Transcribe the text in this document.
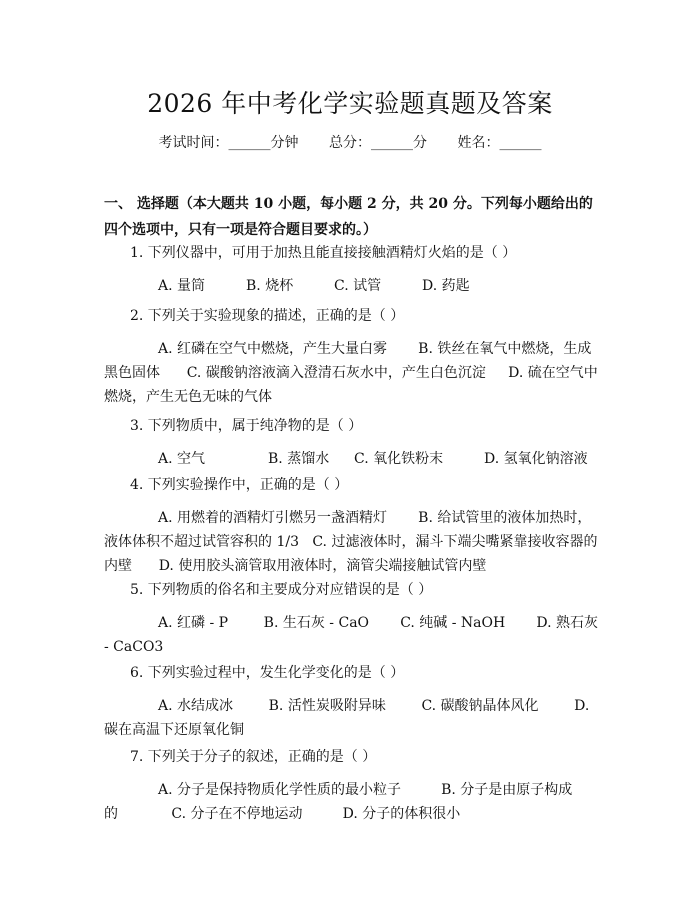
2026 年中考化学实验题真题及答案
考试时间：______分钟 总分：______分 姓名：______
一、 选择题（本大题共 10 小题，每小题 2 分，共 20 分。下列每小题给出的四个选项中，只有一项是符合题目要求的。）
1. 下列仪器中，可用于加热且能直接接触酒精灯火焰的是（ ）
A. 量筒	B. 烧杯	C. 试管	D. 药匙
2. 下列关于实验现象的描述，正确的是（ ）
A. 红磷在空气中燃烧，产生大量白雾 B. 铁丝在氧气中燃烧，生成黑色固体 C. 碳酸钠溶液滴入澄清石灰水中，产生白色沉淀 D. 硫在空气中燃烧，产生无色无味的气体
3. 下列物质中，属于纯净物的是（ ）
A. 空气	B. 蒸馏水 C. 氧化铁粉末	D. 氢氧化钠溶液
4. 下列实验操作中，正确的是（ ）
A. 用燃着的酒精灯引燃另一盏酒精灯 B. 给试管里的液体加热时，液体体积不超过试管容积的 1/3 C. 过滤液体时，漏斗下端尖嘴紧靠接收容器的内壁 D. 使用胶头滴管取用液体时，滴管尖端接触试管内壁
5. 下列物质的俗名和主要成分对应错误的是（ ）
A. 红磷 - P	B. 生石灰 - CaO C. 纯碱 - NaOH D. 熟石灰 - CaCO3
6. 下列实验过程中，发生化学变化的是（ ）
A. 水结成冰	B. 活性炭吸附异味	C. 碳酸钠晶体风化	D. 碳在高温下还原氧化铜
7. 下列关于分子的叙述，正确的是（ ）
A. 分子是保持物质化学性质的最小粒子	B. 分子是由原子构成的	C. 分子在不停地运动	D. 分子的体积很小
